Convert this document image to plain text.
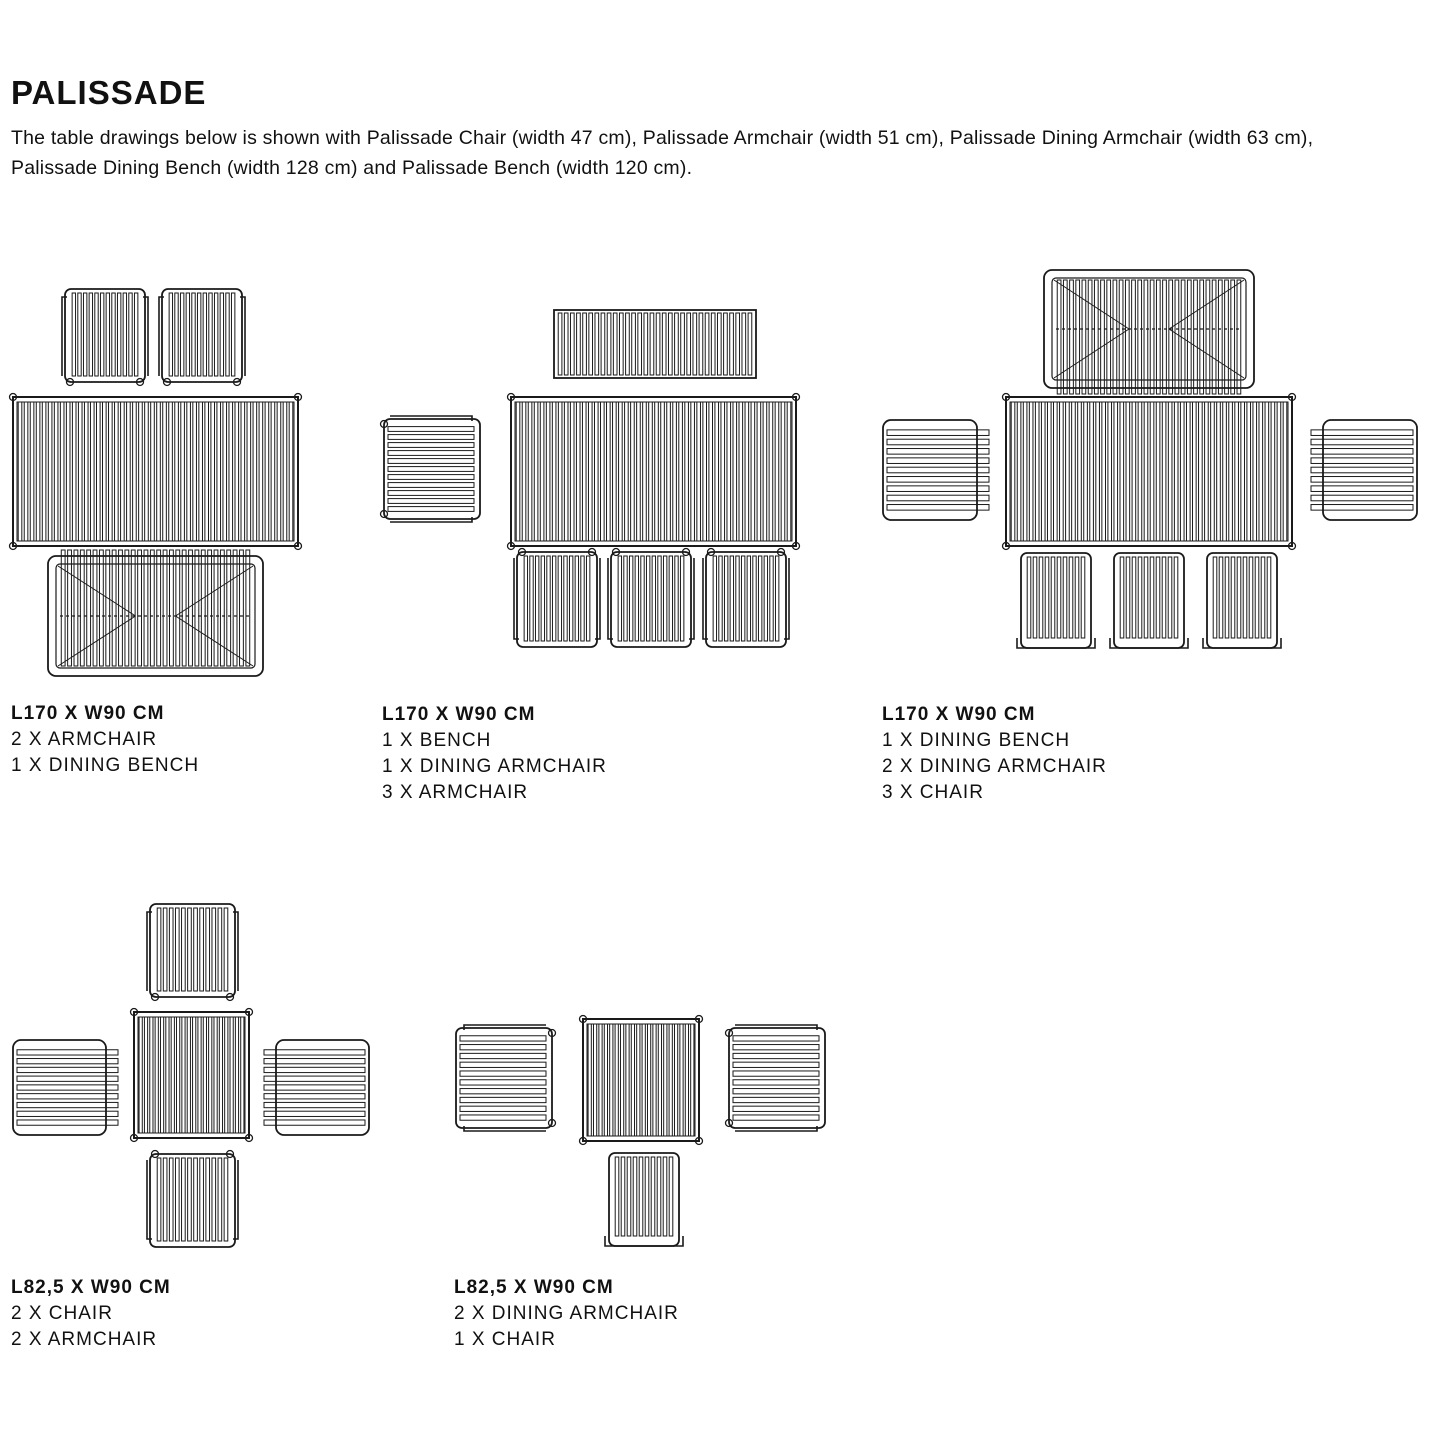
PALISSADE

The table drawings below is shown with Palissade Chair (width 47 cm), Palissade Armchair (width 51 cm), Palissade Dining Armchair (width 63 cm), Palissade Dining Bench (width 128 cm) and Palissade Bench (width 120 cm).

L170 X W90 CM
2 X ARMCHAIR
1 X DINING BENCH
L170 X W90 CM
1 X BENCH
1 X DINING ARMCHAIR
3 X ARMCHAIR
L170 X W90 CM
1 X DINING BENCH
2 X DINING ARMCHAIR
3 X CHAIR
L82,5 X W90 CM
2 X CHAIR
2 X ARMCHAIR
L82,5 X W90 CM
2 X DINING ARMCHAIR
1 X CHAIR
